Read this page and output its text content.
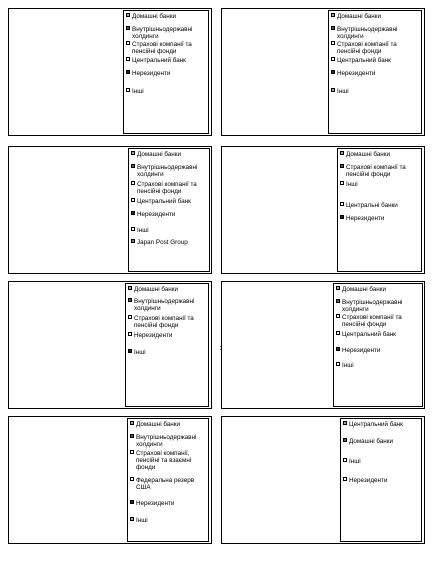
Домашні банки
Внутрішньодержавні холдинги
Страхові компанії та пенсійні фонди
Центральний банк
Нерезиденти
Інші
Домашні банки
Внутрішньодержавні холдинги
Страхові компанії та пенсійні фонди
Центральний банк
Нерезиденти
Інші
Домашні банки
Внутрішньодержавні холдинги
Страхові компанії та пенсійні фонди
Центральний банк
Нерезиденти
Інші
Japan Post Group
Домашні банки
Страхові компанії та пенсійні фонди
Інші
Центральні банки
Нерезиденти
Домашні банки
Внутрішньодержавні холдинги
Страхові компанії та пенсійні фонди
Нерезиденти
Інші
Домашні банки
Внутрішньодержавні холдинги
Страхові компанії та пенсійні фонди
Центральний банк
Нерезиденти
Інші
Домашні банки
Внутрішньодержавні холдинги
Страхові компанії, пенсійні та взаємні фонди
Федеральна резерв США
Нерезиденти
Інші
Центральний банк
Домашні банки
Інші
Нерезиденти
